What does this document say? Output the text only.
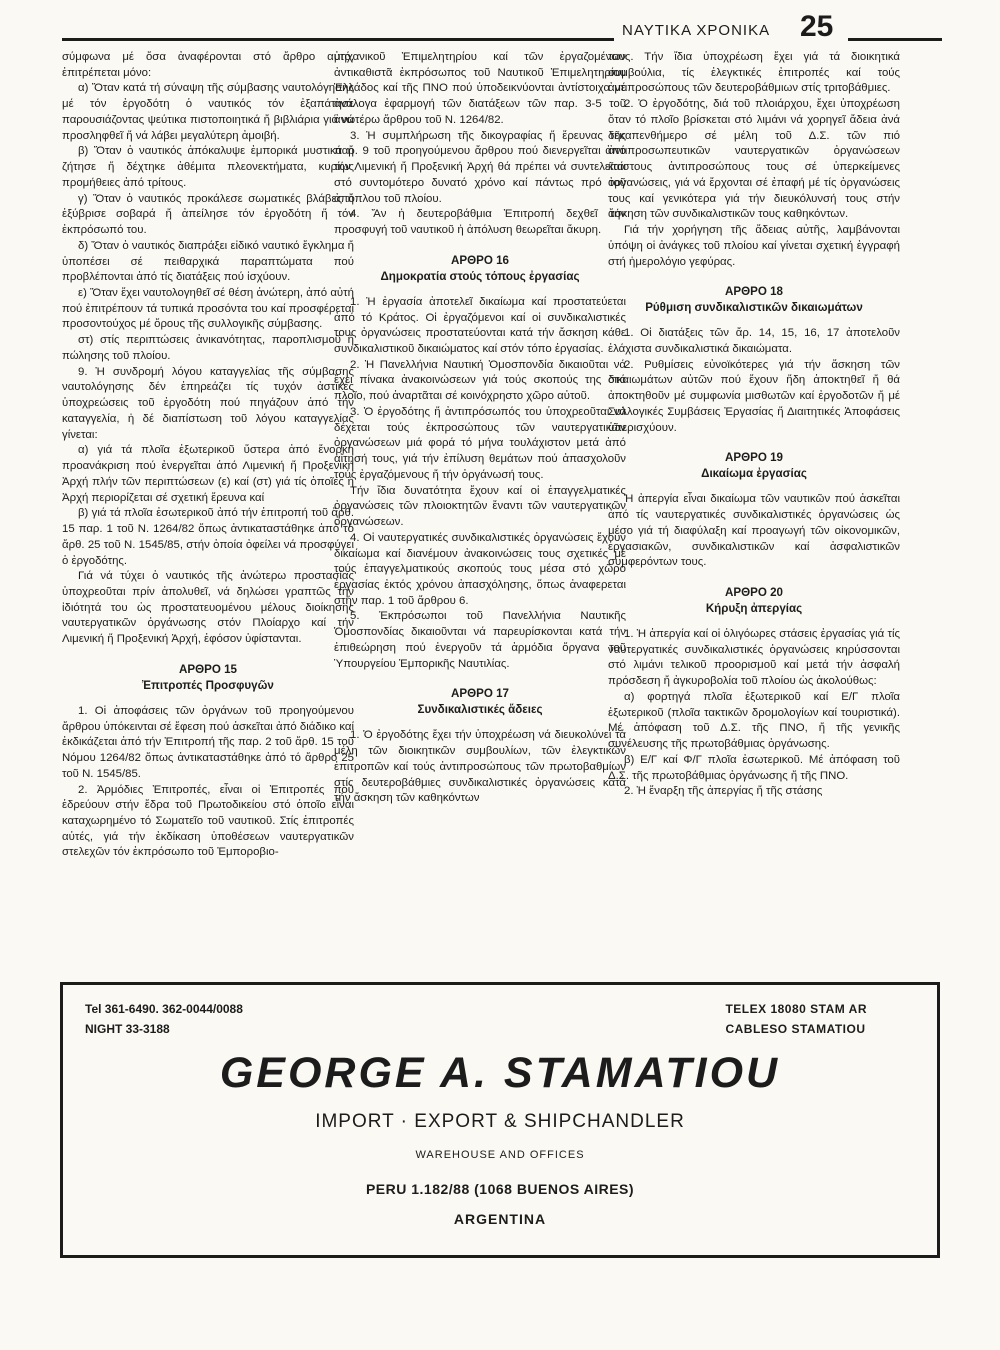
ΝΑΥΤΙΚΑ ΧΡΟΝΙΚΑ 25

σύμφωνα μέ ὅσα ἀναφέρονται στό ἄρθρο αὐτό, ἐπιτρέπεται μόνο:

α) Ὅταν κατά τή σύναψη τῆς σύμβασης ναυτολόγησης μέ τόν ἐργοδότη ὁ ναυτικός τόν ἐξαπάτησε παρουσιάζοντας ψεύτικα πιστοποιητικά ἤ βιβλιάρια γιά νά προσληφθεῖ ἤ νά λάβει μεγαλύτερη ἀμοιβή.

β) Ὅταν ὁ ναυτικός ἀπόκαλυψε ἐμπορικά μυστικά ἤ ζήτησε ἤ δέχτηκε ἀθέμιτα πλεονεκτήματα, κυρίως προμήθειες ἀπό τρίτους.

γ) Ὅταν ὁ ναυτικός προκάλεσε σωματικές βλάβες ἤ ἐξύβρισε σοβαρά ἤ ἀπείλησε τόν ἐργοδότη ἤ τόν ἐκπρόσωπό του.

δ) Ὅταν ὁ ναυτικός διαπράξει εἰδικό ναυτικό ἔγκλημα ἤ ὑποπέσει σέ πειθαρχικά παραπτώματα πού προβλέπονται ἀπό τίς διατάξεις πού ἰσχύουν.

ε) Ὅταν ἔχει ναυτολογηθεῖ σέ θέση ἀνώτερη, ἀπό αὐτή πού ἐπιτρέπουν τά τυπικά προσόντα του καί προσφέρεται προσοντούχος μέ ὅρους τῆς συλλογικῆς σύμβασης.

στ) στίς περιπτώσεις ἀνικανότητας, παροπλισμοῦ ἤ πώλησης τοῦ πλοίου.

9. Ἡ συνδρομή λόγου καταγγελίας τῆς σύμβασης ναυτολόγησης δέν ἐπηρεάζει τίς τυχόν ἀστικές ὑποχρεώσεις τοῦ ἐργοδότη πού πηγάζουν ἀπό τήν καταγγελία, ἡ δέ διαπίστωση τοῦ λόγου καταγγελίας γίνεται:

α) γιά τά πλοῖα ἐξωτερικοῦ ὕστερα ἀπό ἔνορκη προανάκριση πού ἐνεργεῖται ἀπό Λιμενική ἤ Προξενική Ἀρχή πλήν τῶν περιπτώσεων (ε) καί (στ) γιά τίς ὁποῖες ἡ Ἀρχή περιορίζεται σέ σχετική ἔρευνα καί

β) γιά τά πλοῖα ἐσωτερικοῦ ἀπό τήν ἐπιτροπή τοῦ ἄρθ. 15 παρ. 1 τοῦ Ν. 1264/82 ὅπως ἀντικαταστάθηκε ἀπό τό ἄρθ. 25 τοῦ Ν. 1545/85, στήν ὁποία ὀφείλει νά προσφύγει ὁ ἐργοδότης.

Γιά νά τύχει ὁ ναυτικός τῆς ἀνώτερω προστασίας ὑποχρεοῦται πρίν ἀπολυθεῖ, νά δηλώσει γραπτῶς τήν ἰδιότητά του ὡς προστατευομένου μέλους διοίκησης ναυτεργατικῶν ὀργάνωσης στόν Πλοίαρχο καί τήν Λιμενική ἤ Προξενική Ἀρχή, ἐφόσον ὑφίστανται.

ΑΡΘΡΟ 15

Ἐπιτροπές Προσφυγῶν

1. Οἱ ἀποφάσεις τῶν ὀργάνων τοῦ προηγούμενου ἄρθρου ὑπόκεινται σέ ἔφεση πού ἀσκεῖται ἀπό διάδικο καί ἐκδικάζεται ἀπό τήν Ἐπιτροπή τῆς παρ. 2 τοῦ ἄρθ. 15 τοῦ Νόμου 1264/82 ὅπως ἀντικαταστάθηκε ἀπό τό ἄρθρο 25 τοῦ Ν. 1545/85.

2. Ἁρμόδιες Ἐπιτροπές, εἶναι οἱ Ἐπιτροπές πού ἑδρεύουν στήν ἕδρα τοῦ Πρωτοδικείου στό ὁποῖο εἶναι καταχωρημένο τό Σωματεῖο τοῦ ναυτικοῦ. Στίς ἐπιτροπές αὐτές, γιά τήν ἐκδίκαση ὑποθέσεων ναυτεργατικῶν στελεχῶν τόν ἐκπρόσωπο τοῦ Ἐμποροβιο-

μηχανικοῦ Ἐπιμελητηρίου καί τῶν ἐργαζομένων ἀντικαθιστᾶ ἐκπρόσωπος τοῦ Ναυτικοῦ Ἐπιμελητηρίου Ἑλλάδος καί τῆς ΠΝΟ πού ὑποδεικνύονται ἀντίστοιχα μέ ἀνάλογα ἐφαρμογή τῶν διατάξεων τῶν παρ. 3-5 τοῦ ἀνωτέρω ἄρθρου τοῦ Ν. 1264/82.

3. Ἡ συμπλήρωση τῆς δικογραφίας ἤ ἔρευνας τῆς παρ. 9 τοῦ προηγούμενου ἄρθρου πού διενεργεῖται ἀπό τήν Λιμενική ἤ Προξενική Ἀρχή θά πρέπει νά συντελεῖται στό συντομότερο δυνατό χρόνο καί πάντως πρό τοῦ ἀπόπλου τοῦ πλοίου.

4. Ἄν ἡ δευτεροβάθμια Ἐπιτροπή δεχθεῖ τήν προσφυγή τοῦ ναυτικοῦ ἡ ἀπόλυση θεωρεῖται ἄκυρη.

ΑΡΘΡΟ 16

Δημοκρατία στούς τόπους ἐργασίας

1. Ἡ ἐργασία ἀποτελεῖ δικαίωμα καί προστατεύεται ἀπό τό Κράτος. Οἱ ἐργαζόμενοι καί οἱ συνδικαλιστικές τους ὀργανώσεις προστατεύονται κατά τήν ἄσκηση κάθε συνδικαλιστικοῦ δικαιώματος καί στόν τόπο ἐργασίας.

2. Ἡ Πανελλήνια Ναυτική Ὁμοσπονδία δικαιοῦται νά ἔχει πίνακα ἀνακοινώσεων γιά τούς σκοπούς της στό πλοῖο, πού ἀναρτᾶται σέ κοινόχρηστο χῶρο αὐτοῦ.

3. Ὁ ἐργοδότης ἤ ἀντιπρόσωπός του ὑποχρεοῦται νά δέχεται τούς ἐκπροσώπους τῶν ναυτεργατικῶν ὀργανώσεων μιά φορά τό μήνα τουλάχιστον μετά ἀπό αἴτησή τους, γιά τήν ἐπίλυση θεμάτων πού ἀπασχολοῦν τούς ἐργαζόμενους ἤ τήν ὀργάνωσή τους.

Τήν ἴδια δυνατότητα ἔχουν καί οἱ ἐπαγγελματικές ὀργανώσεις τῶν πλοιοκτητῶν ἔναντι τῶν ναυτεργατικῶν ὀργανώσεων.

4. Οἱ ναυτεργατικές συνδικαλιστικές ὀργανώσεις ἔχουν δικαίωμα καί διανέμουν ἀνακοινώσεις τους σχετικές μέ τούς ἐπαγγελματικούς σκοπούς τους μέσα στό χῶρο ἐργασίας ἐκτός χρόνου ἀπασχόλησης, ὅπως ἀναφερεται στήν παρ. 1 τοῦ ἄρθρου 6.

5. Ἐκπρόσωποι τοῦ Πανελλήνια Ναυτικῆς Ὁμοσπονδίας δικαιοῦνται νά παρευρίσκονται κατά τήν ἐπιθεώρηση πού ἐνεργοῦν τά ἁρμόδια ὄργανα τοῦ Ὑπουργείου Ἐμπορικῆς Ναυτιλίας.

ΑΡΘΡΟ 17

Συνδικαλιστικές ἄδειες

1. Ὁ ἐργοδότης ἔχει τήν ὑποχρέωση νά διευκολύνει τά μέλη τῶν διοικητικῶν συμβουλίων, τῶν ἐλεγκτικῶν ἐπιτροπῶν καί τούς ἀντιπροσώπους τῶν πρωτοβαθμίων στίς δευτεροβάθμιες συνδικαλιστικές ὀργανώσεις κατά τήν ἄσκηση τῶν καθηκόντων

τους. Τήν ἴδια ὑποχρέωση ἔχει γιά τά διοικητικά συμβούλια, τίς ἐλεγκτικές ἐπιτροπές καί τούς ἀντιπροσώπους τῶν δευτεροβάθμιων στίς τριτοβάθμιες.

2. Ὁ ἐργοδότης, διά τοῦ πλοιάρχου, ἔχει ὑποχρέωση ὅταν τό πλοῖο βρίσκεται στό λιμάνι νά χορηγεῖ ἄδεια ἀνά δεκαπενθήμερο σέ μέλη τοῦ Δ.Σ. τῶν πιό ἀντιπροσωπευτικῶν ναυτεργατικῶν ὀργανώσεων καίστους ἀντιπροσώπους τους σέ ὑπερκείμενες ὀργανώσεις, γιά νά ἔρχονται σέ ἐπαφή μέ τίς ὀργανώσεις τους καί γενικότερα γιά τήν διευκόλυνσή τους στήν ἄσκηση τῶν συνδικαλιστικῶν τους καθηκόντων.

Γιά τήν χορήγηση τῆς ἄδειας αὐτῆς, λαμβάνονται ὑπόψη οἱ ἀνάγκες τοῦ πλοίου καί γίνεται σχετική ἐγγραφή στή ἡμερολόγιο γεφύρας.

ΑΡΘΡΟ 18

Ρύθμιση συνδικαλιστικῶν δικαιωμάτων

1. Οἱ διατάξεις τῶν ἄρ. 14, 15, 16, 17 ἀποτελοῦν ἐλάχιστα συνδικαλιστικά δικαιώματα.

2. Ρυθμίσεις εὐνοϊκότερες γιά τήν ἄσκηση τῶν δικαιωμάτων αὐτῶν πού ἔχουν ἤδη ἀποκτηθεῖ ἤ θά ἀποκτηθοῦν μέ συμφωνία μισθωτῶν καί ἐργοδοτῶν ἤ μέ Συλλογικές Συμβάσεις Ἐργασίας ἤ Διαιτητικές Ἀποφάσεις ὑπερισχύουν.

ΑΡΘΡΟ 19

Δικαίωμα ἐργασίας

Ἡ ἀπεργία εἶναι δικαίωμα τῶν ναυτικῶν πού ἀσκεῖται ἀπό τίς ναυτεργατικές συνδικαλιστικές ὀργανώσεις ὡς μέσο γιά τή διαφύλαξη καί προαγωγή τῶν οἰκονομικῶν, ἐργασιακῶν, συνδικαλιστικῶν καί ἀσφαλιστικῶν συμφερόντων τους.

ΑΡΘΡΟ 20

Κήρυξη ἀπεργίας

1. Ἡ ἀπεργία καί οἱ ὀλιγόωρες στάσεις ἐργασίας γιά τίς ναυτεργατικές συνδικαλιστικές ὀργανώσεις κηρύσσονται στό λιμάνι τελικοῦ προορισμοῦ καί μετά τήν ἀσφαλή πρόσδεση ἤ ἀγκυροβολία τοῦ πλοίου ὡς ἀκολούθως:

α) φορτηγά πλοῖα ἐξωτερικοῦ καί Ε/Γ πλοῖα ἐξωτερικοῦ (πλοῖα τακτικῶν δρομολογίων καί τουριστικά). Μέ ἀπόφαση τοῦ Δ.Σ. τῆς ΠΝΟ, ἤ τῆς γενικῆς συνέλευσης τῆς πρωτοβάθμιας ὀργάνωσης.

β) Ε/Γ καί Φ/Γ πλοῖα ἐσωτερικοῦ. Μέ ἀπόφαση τοῦ Δ.Σ. τῆς πρωτοβάθμιας ὀργάνωσης ἤ τῆς ΠΝΟ.

2. Ἡ ἔναρξη τῆς ἀπεργίας ἤ τῆς στάσης

Tel 361-6490. 362-0044/0088
NIGHT 33-3188
TELEX 18080 STAM AR
CABLESO STAMATIOU
GEORGE A. STAMATIOU
IMPORT · EXPORT & SHIPCHANDLER
WAREHOUSE AND OFFICES
PERU 1.182/88 (1068 BUENOS AIRES)
ARGENTINA
